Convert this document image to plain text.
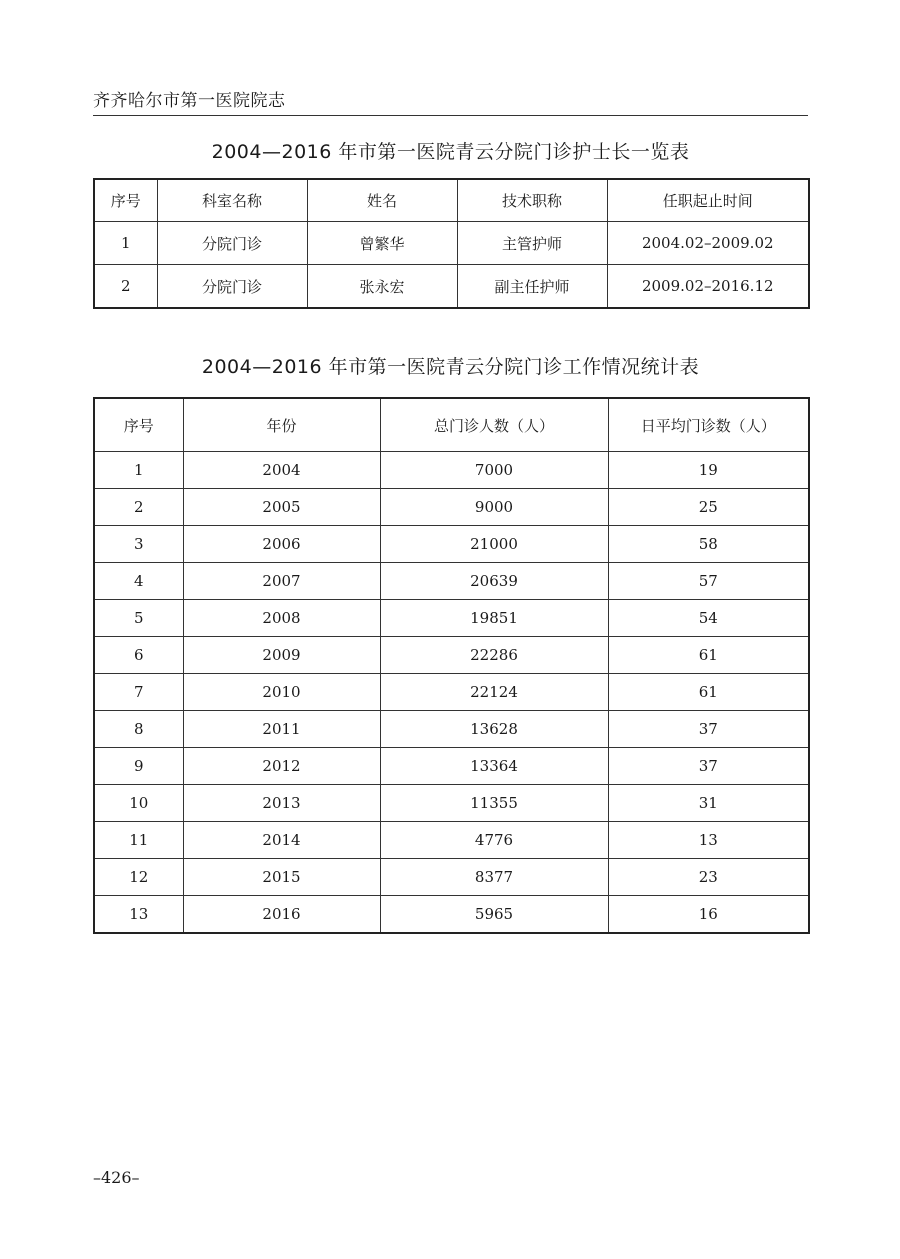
齐齐哈尔市第一医院院志
2004—2016 年市第一医院青云分院门诊护士长一览表
序号	科室名称	姓名	技术职称	任职起止时间
1	分院门诊	曾繁华	主管护师	2004.02–2009.02
2	分院门诊	张永宏	副主任护师	2009.02–2016.12
2004—2016 年市第一医院青云分院门诊工作情况统计表
序号	年份	总门诊人数（人）	日平均门诊数（人）
1	2004	7000	19
2	2005	9000	25
3	2006	21000	58
4	2007	20639	57
5	2008	19851	54
6	2009	22286	61
7	2010	22124	61
8	2011	13628	37
9	2012	13364	37
10	2013	11355	31
11	2014	4776	13
12	2015	8377	23
13	2016	5965	16
–426–
